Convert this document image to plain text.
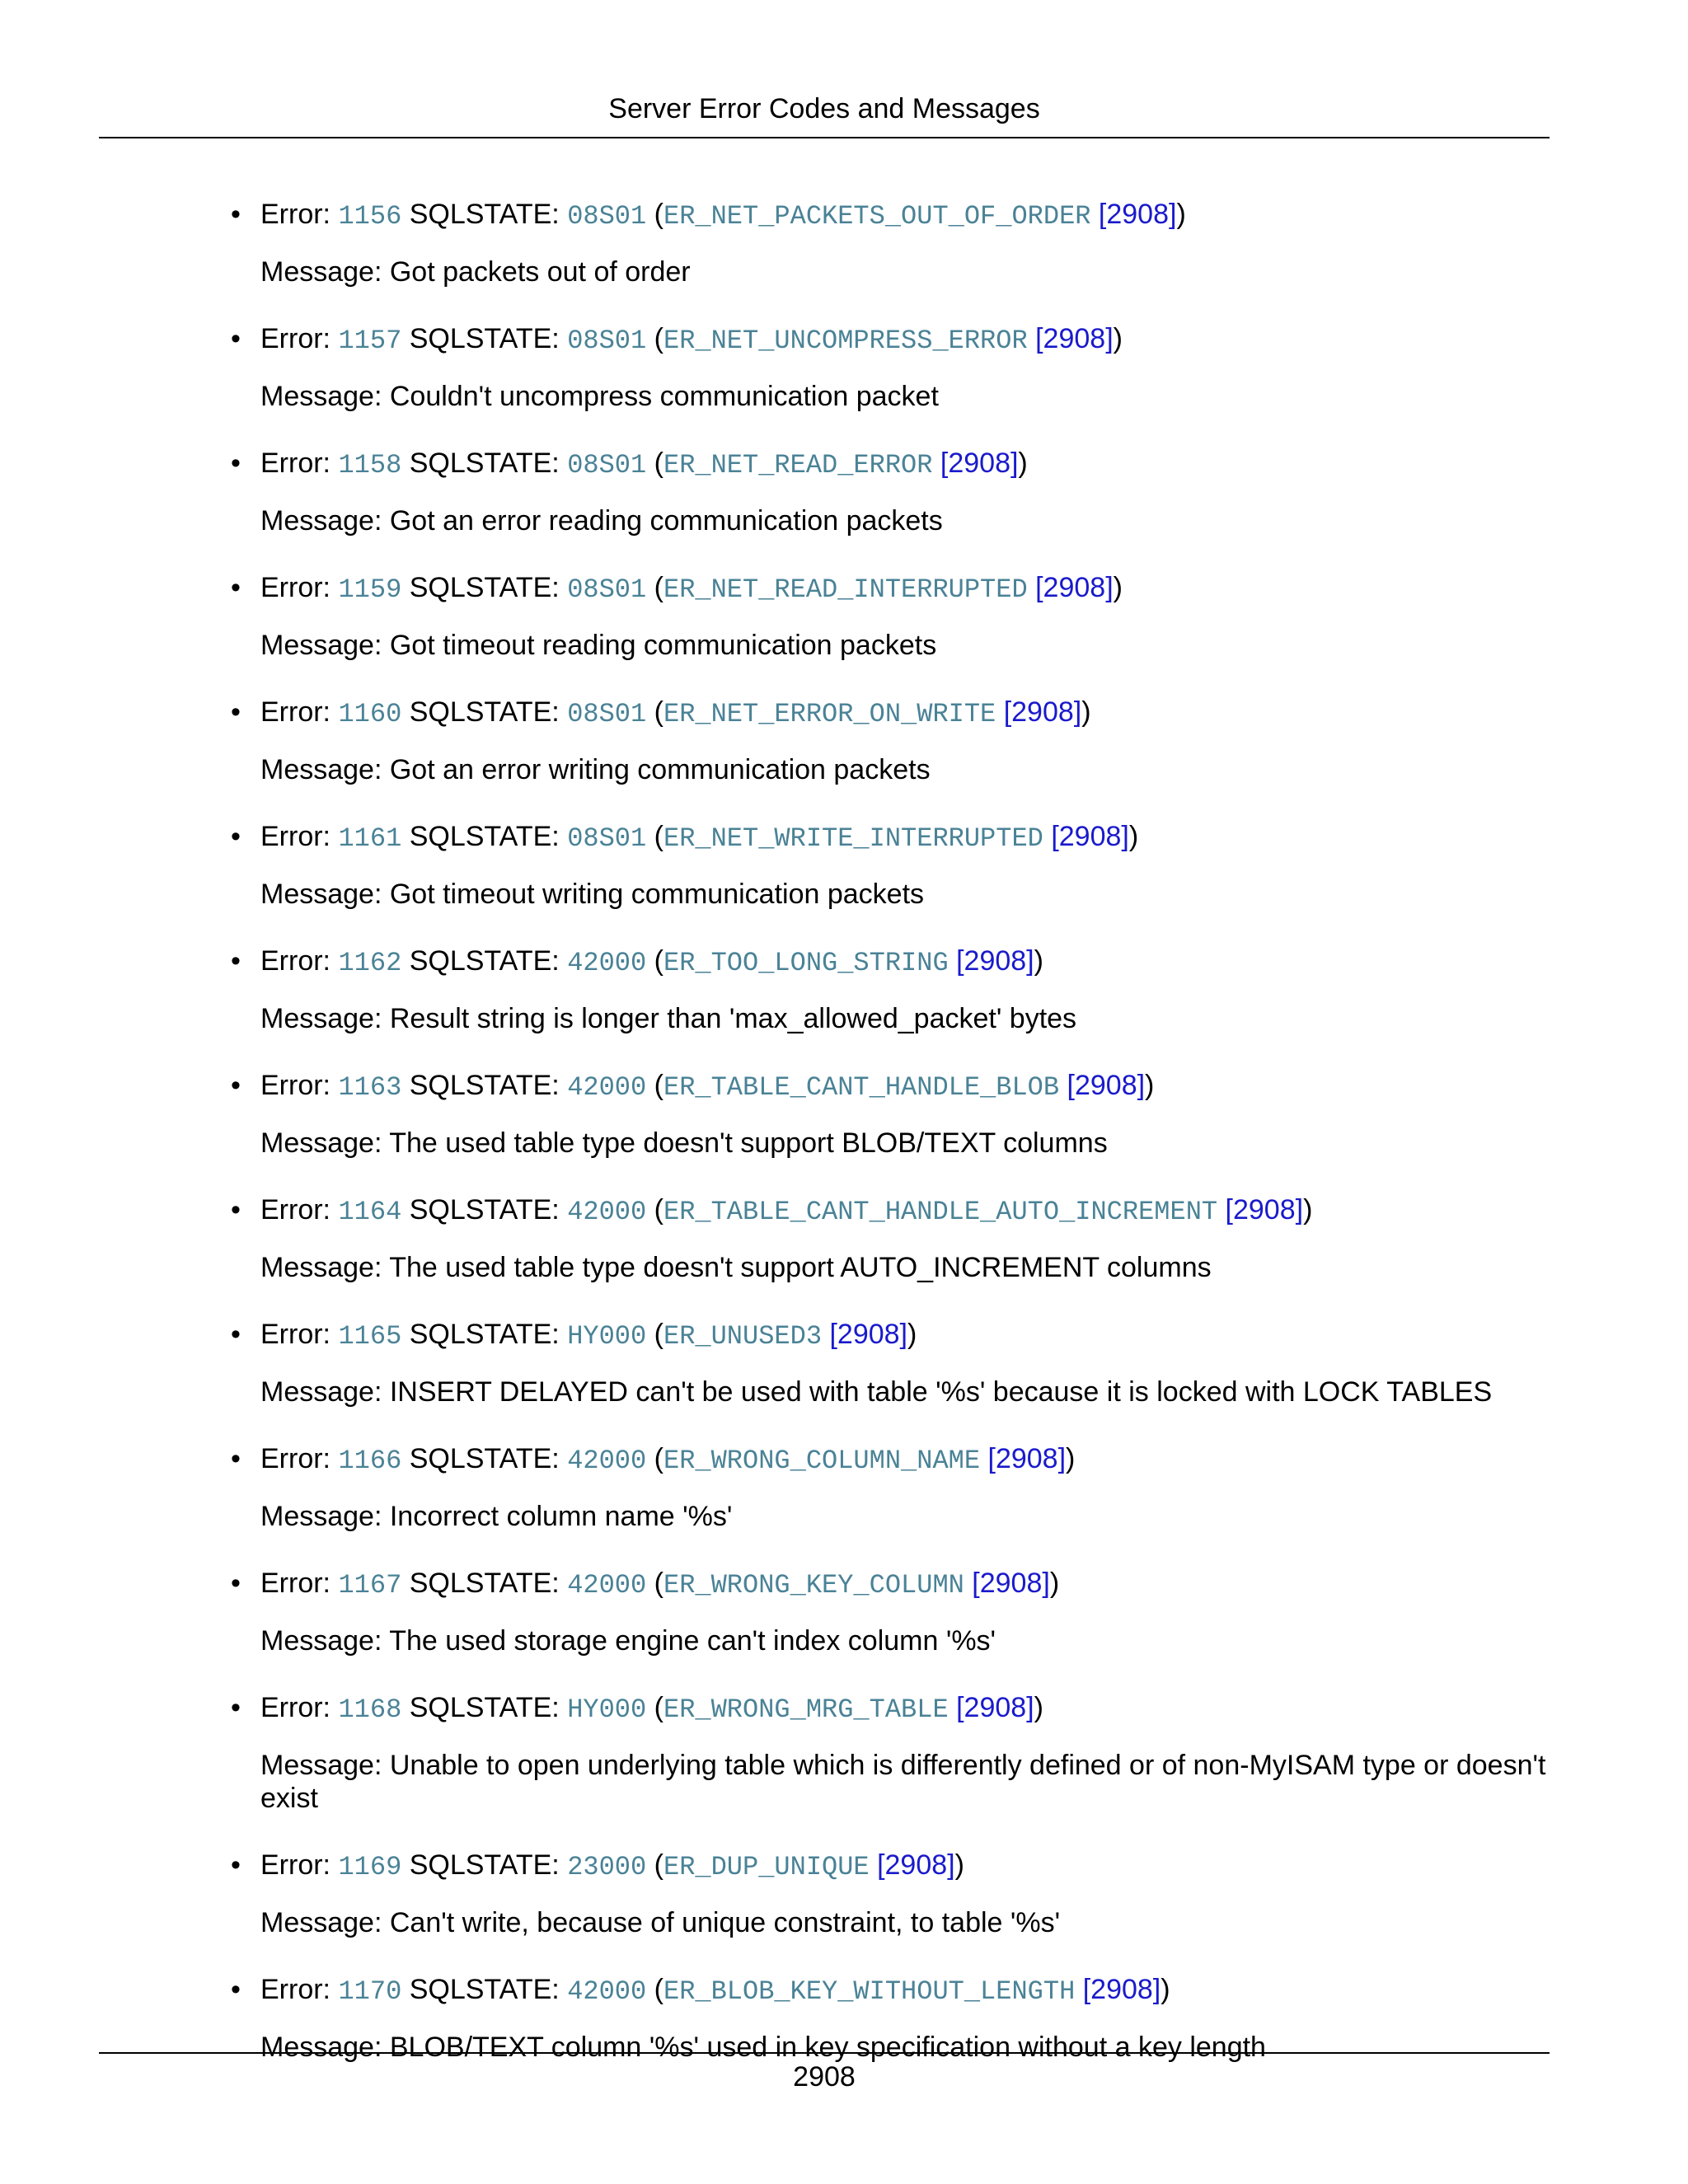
Server Error Codes and Messages
• Error: 1156 SQLSTATE: 08S01 (ER_NET_PACKETS_OUT_OF_ORDER [2908])
Message: Got packets out of order
• Error: 1157 SQLSTATE: 08S01 (ER_NET_UNCOMPRESS_ERROR [2908])
Message: Couldn't uncompress communication packet
• Error: 1158 SQLSTATE: 08S01 (ER_NET_READ_ERROR [2908])
Message: Got an error reading communication packets
• Error: 1159 SQLSTATE: 08S01 (ER_NET_READ_INTERRUPTED [2908])
Message: Got timeout reading communication packets
• Error: 1160 SQLSTATE: 08S01 (ER_NET_ERROR_ON_WRITE [2908])
Message: Got an error writing communication packets
• Error: 1161 SQLSTATE: 08S01 (ER_NET_WRITE_INTERRUPTED [2908])
Message: Got timeout writing communication packets
• Error: 1162 SQLSTATE: 42000 (ER_TOO_LONG_STRING [2908])
Message: Result string is longer than 'max_allowed_packet' bytes
• Error: 1163 SQLSTATE: 42000 (ER_TABLE_CANT_HANDLE_BLOB [2908])
Message: The used table type doesn't support BLOB/TEXT columns
• Error: 1164 SQLSTATE: 42000 (ER_TABLE_CANT_HANDLE_AUTO_INCREMENT [2908])
Message: The used table type doesn't support AUTO_INCREMENT columns
• Error: 1165 SQLSTATE: HY000 (ER_UNUSED3 [2908])
Message: INSERT DELAYED can't be used with table '%s' because it is locked with LOCK TABLES
• Error: 1166 SQLSTATE: 42000 (ER_WRONG_COLUMN_NAME [2908])
Message: Incorrect column name '%s'
• Error: 1167 SQLSTATE: 42000 (ER_WRONG_KEY_COLUMN [2908])
Message: The used storage engine can't index column '%s'
• Error: 1168 SQLSTATE: HY000 (ER_WRONG_MRG_TABLE [2908])
Message: Unable to open underlying table which is differently defined or of non-MyISAM type or doesn't exist
• Error: 1169 SQLSTATE: 23000 (ER_DUP_UNIQUE [2908])
Message: Can't write, because of unique constraint, to table '%s'
• Error: 1170 SQLSTATE: 42000 (ER_BLOB_KEY_WITHOUT_LENGTH [2908])
Message: BLOB/TEXT column '%s' used in key specification without a key length
2908
